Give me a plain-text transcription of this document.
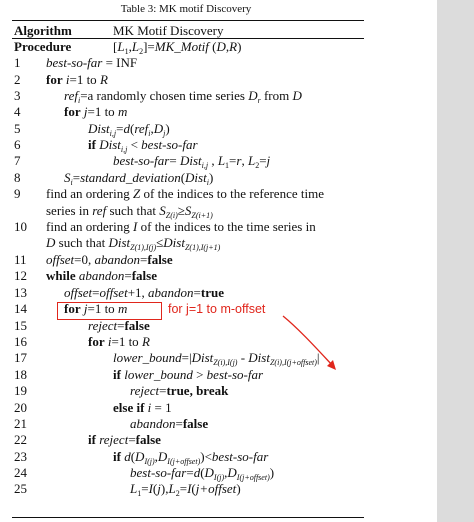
Table 3: MK motif Discovery
Algorithm	MK Motif Discovery
Procedure	$[L_1,L_2]=MK\_Motif$ (D,R)
1	best-so-far = INF
2	for i=1 to R
3	ref$_i$=a randomly chosen time series $D_r$ from D
4	for j=1 to m
5	$Dist_{i,j}=d(ref_i,D_j)$
6	if Dist$_{i,j}$ < best-so-far
7	best-so-far= Dist$_{i,j}$ , $L_1=r$, $L_2=j$
8	$S_i=standard\_deviation(Dist_i)$
9	find an ordering Z of the indices to the reference time
series in ref such that $S_{Z(i)}\ge S_{Z(i+1)}$
10	find an ordering I of the indices to the time series in
D such that Dist$_{Z(1),I(j)}$≤Dist$_{Z(1),I(j+1)}$
11	offset=0, abandon=false
12	while abandon=false
13	offset=offset+1, abandon=true
14	for j=1 to m
15	reject=false
16	for i=1 to R
17	lower_bound=|Dist$_{Z(i),I(j)}$ - Dist$_{Z(i),I(j+offset)}$|
18	if lower_bound > best-so-far
19	reject=true, break
20	else if i = 1
21	abandon=false
22	if reject=false
23	if $d(D_{I(j)},D_{I(j+offset)})<best-so$-far
24	best-$so-far=d(D_{I(j)},D_{I(j+offset)})$
25	$L_1=I(j),L_2=I(j+offset)$
for j=1 to m-offset
